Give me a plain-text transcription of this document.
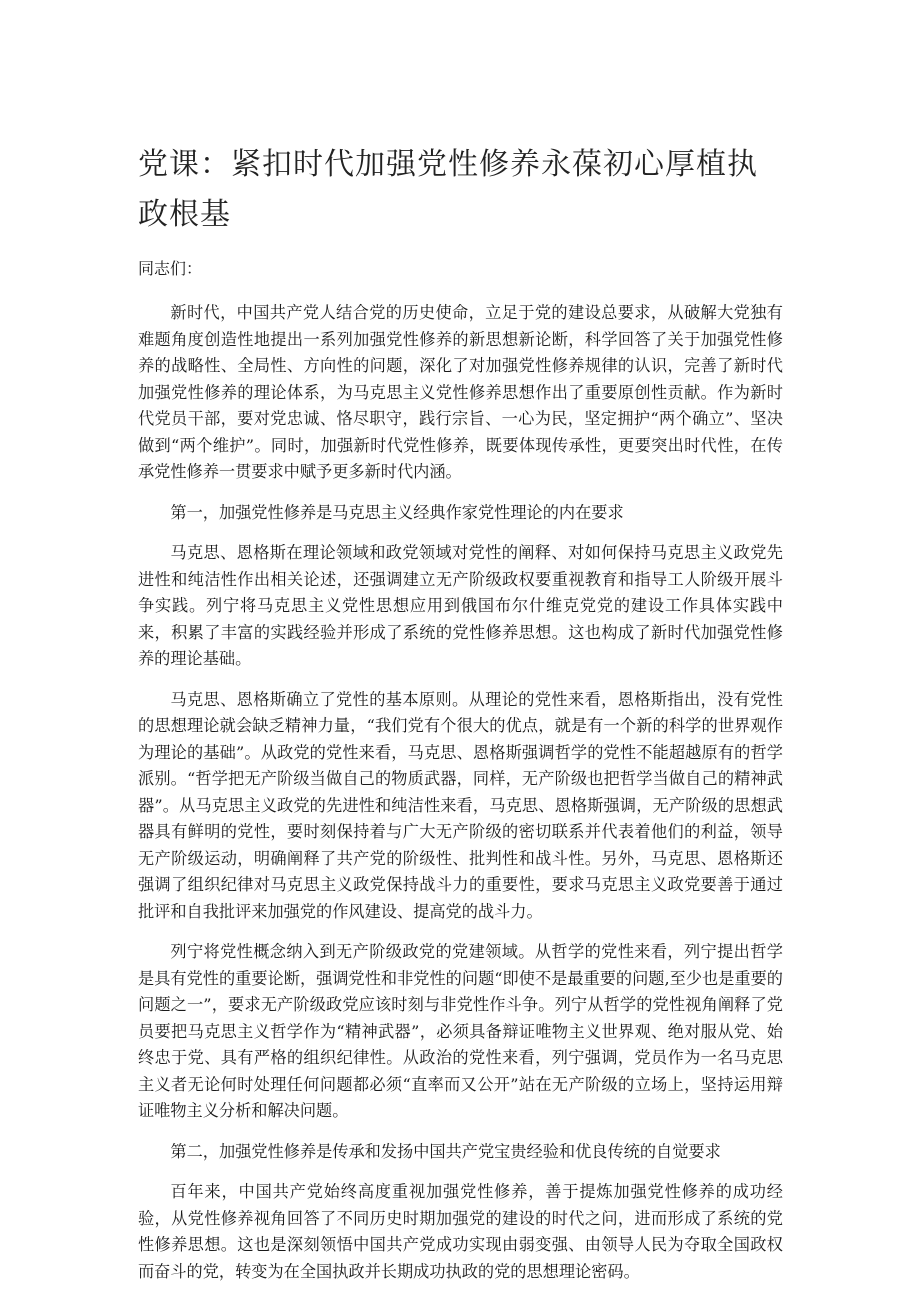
党课：紧扣时代加强党性修养永葆初心厚植执政根基

同志们：

新时代，中国共产党人结合党的历史使命，立足于党的建设总要求，从破解大党独有难题角度创造性地提出一系列加强党性修养的新思想新论断，科学回答了关于加强党性修养的战略性、全局性、方向性的问题，深化了对加强党性修养规律的认识，完善了新时代加强党性修养的理论体系，为马克思主义党性修养思想作出了重要原创性贡献。作为新时代党员干部，要对党忠诚、恪尽职守，践行宗旨、一心为民，坚定拥护“两个确立”、坚决做到“两个维护”。同时，加强新时代党性修养，既要体现传承性，更要突出时代性，在传承党性修养一贯要求中赋予更多新时代内涵。

第一，加强党性修养是马克思主义经典作家党性理论的内在要求

马克思、恩格斯在理论领域和政党领域对党性的阐释、对如何保持马克思主义政党先进性和纯洁性作出相关论述，还强调建立无产阶级政权要重视教育和指导工人阶级开展斗争实践。列宁将马克思主义党性思想应用到俄国布尔什维克党党的建设工作具体实践中来，积累了丰富的实践经验并形成了系统的党性修养思想。这也构成了新时代加强党性修养的理论基础。

马克思、恩格斯确立了党性的基本原则。从理论的党性来看，恩格斯指出，没有党性的思想理论就会缺乏精神力量，“我们党有个很大的优点，就是有一个新的科学的世界观作为理论的基础”。从政党的党性来看，马克思、恩格斯强调哲学的党性不能超越原有的哲学派别。“哲学把无产阶级当做自己的物质武器，同样，无产阶级也把哲学当做自己的精神武器”。从马克思主义政党的先进性和纯洁性来看，马克思、恩格斯强调，无产阶级的思想武器具有鲜明的党性，要时刻保持着与广大无产阶级的密切联系并代表着他们的利益，领导无产阶级运动，明确阐释了共产党的阶级性、批判性和战斗性。另外，马克思、恩格斯还强调了组织纪律对马克思主义政党保持战斗力的重要性，要求马克思主义政党要善于通过批评和自我批评来加强党的作风建设、提高党的战斗力。

列宁将党性概念纳入到无产阶级政党的党建领域。从哲学的党性来看，列宁提出哲学是具有党性的重要论断，强调党性和非党性的问题“即使不是最重要的问题,至少也是重要的问题之一”，要求无产阶级政党应该时刻与非党性作斗争。列宁从哲学的党性视角阐释了党员要把马克思主义哲学作为“精神武器”，必须具备辩证唯物主义世界观、绝对服从党、始终忠于党、具有严格的组织纪律性。从政治的党性来看，列宁强调，党员作为一名马克思主义者无论何时处理任何问题都必须“直率而又公开”站在无产阶级的立场上，坚持运用辩证唯物主义分析和解决问题。

第二，加强党性修养是传承和发扬中国共产党宝贵经验和优良传统的自觉要求

百年来，中国共产党始终高度重视加强党性修养，善于提炼加强党性修养的成功经验，从党性修养视角回答了不同历史时期加强党的建设的时代之问，进而形成了系统的党性修养思想。这也是深刻领悟中国共产党成功实现由弱变强、由领导人民为夺取全国政权而奋斗的党，转变为在全国执政并长期成功执政的党的思想理论密码。
